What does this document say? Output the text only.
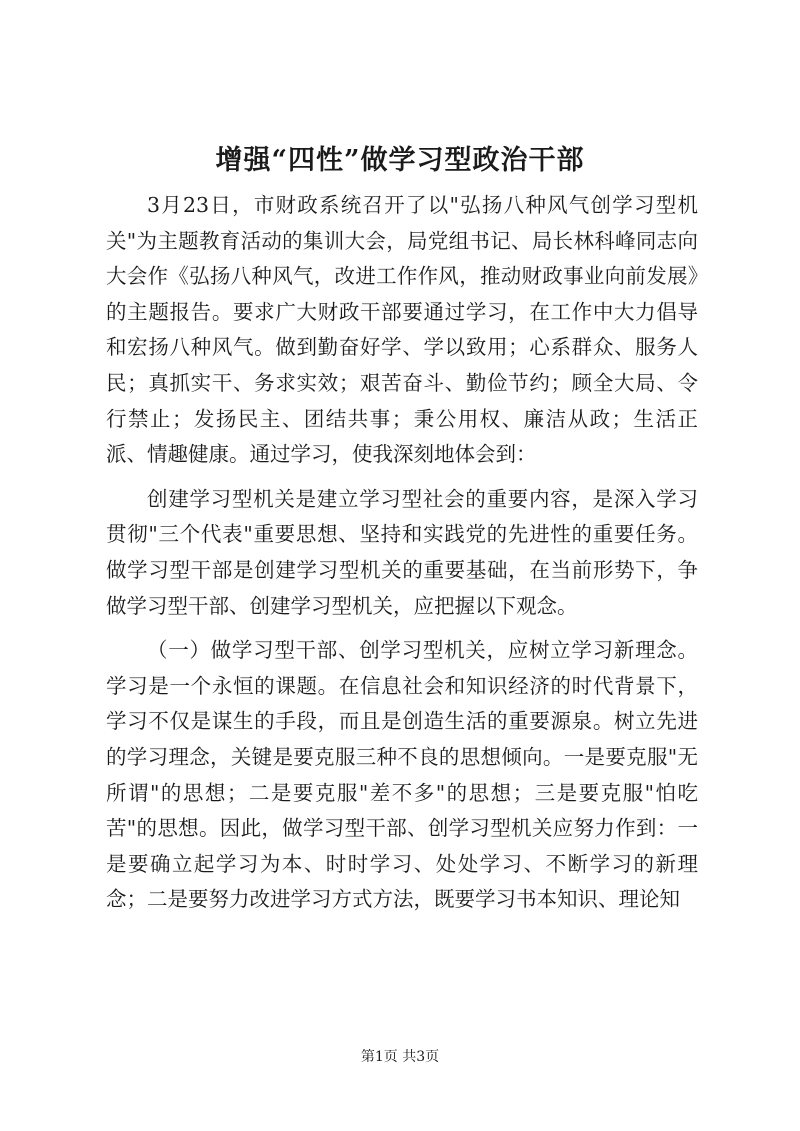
增强“四性”做学习型政治干部

3月23日，市财政系统召开了以"弘扬八种风气创学习型机关"为主题教育活动的集训大会，局党组书记、局长林科峰同志向大会作《弘扬八种风气，改进工作作风，推动财政事业向前发展》的主题报告。要求广大财政干部要通过学习，在工作中大力倡导和宏扬八种风气。做到勤奋好学、学以致用；心系群众、服务人民；真抓实干、务求实效；艰苦奋斗、勤俭节约；顾全大局、令行禁止；发扬民主、团结共事；秉公用权、廉洁从政；生活正派、情趣健康。通过学习，使我深刻地体会到：

创建学习型机关是建立学习型社会的重要内容，是深入学习贯彻"三个代表"重要思想、坚持和实践党的先进性的重要任务。做学习型干部是创建学习型机关的重要基础，在当前形势下，争做学习型干部、创建学习型机关，应把握以下观念。

（一）做学习型干部、创学习型机关，应树立学习新理念。学习是一个永恒的课题。在信息社会和知识经济的时代背景下，学习不仅是谋生的手段，而且是创造生活的重要源泉。树立先进的学习理念，关键是要克服三种不良的思想倾向。一是要克服"无所谓"的思想；二是要克服"差不多"的思想；三是要克服"怕吃苦"的思想。因此，做学习型干部、创学习型机关应努力作到：一是要确立起学习为本、时时学习、处处学习、不断学习的新理念；二是要努力改进学习方式方法，既要学习书本知识、理论知

第1页 共3页
